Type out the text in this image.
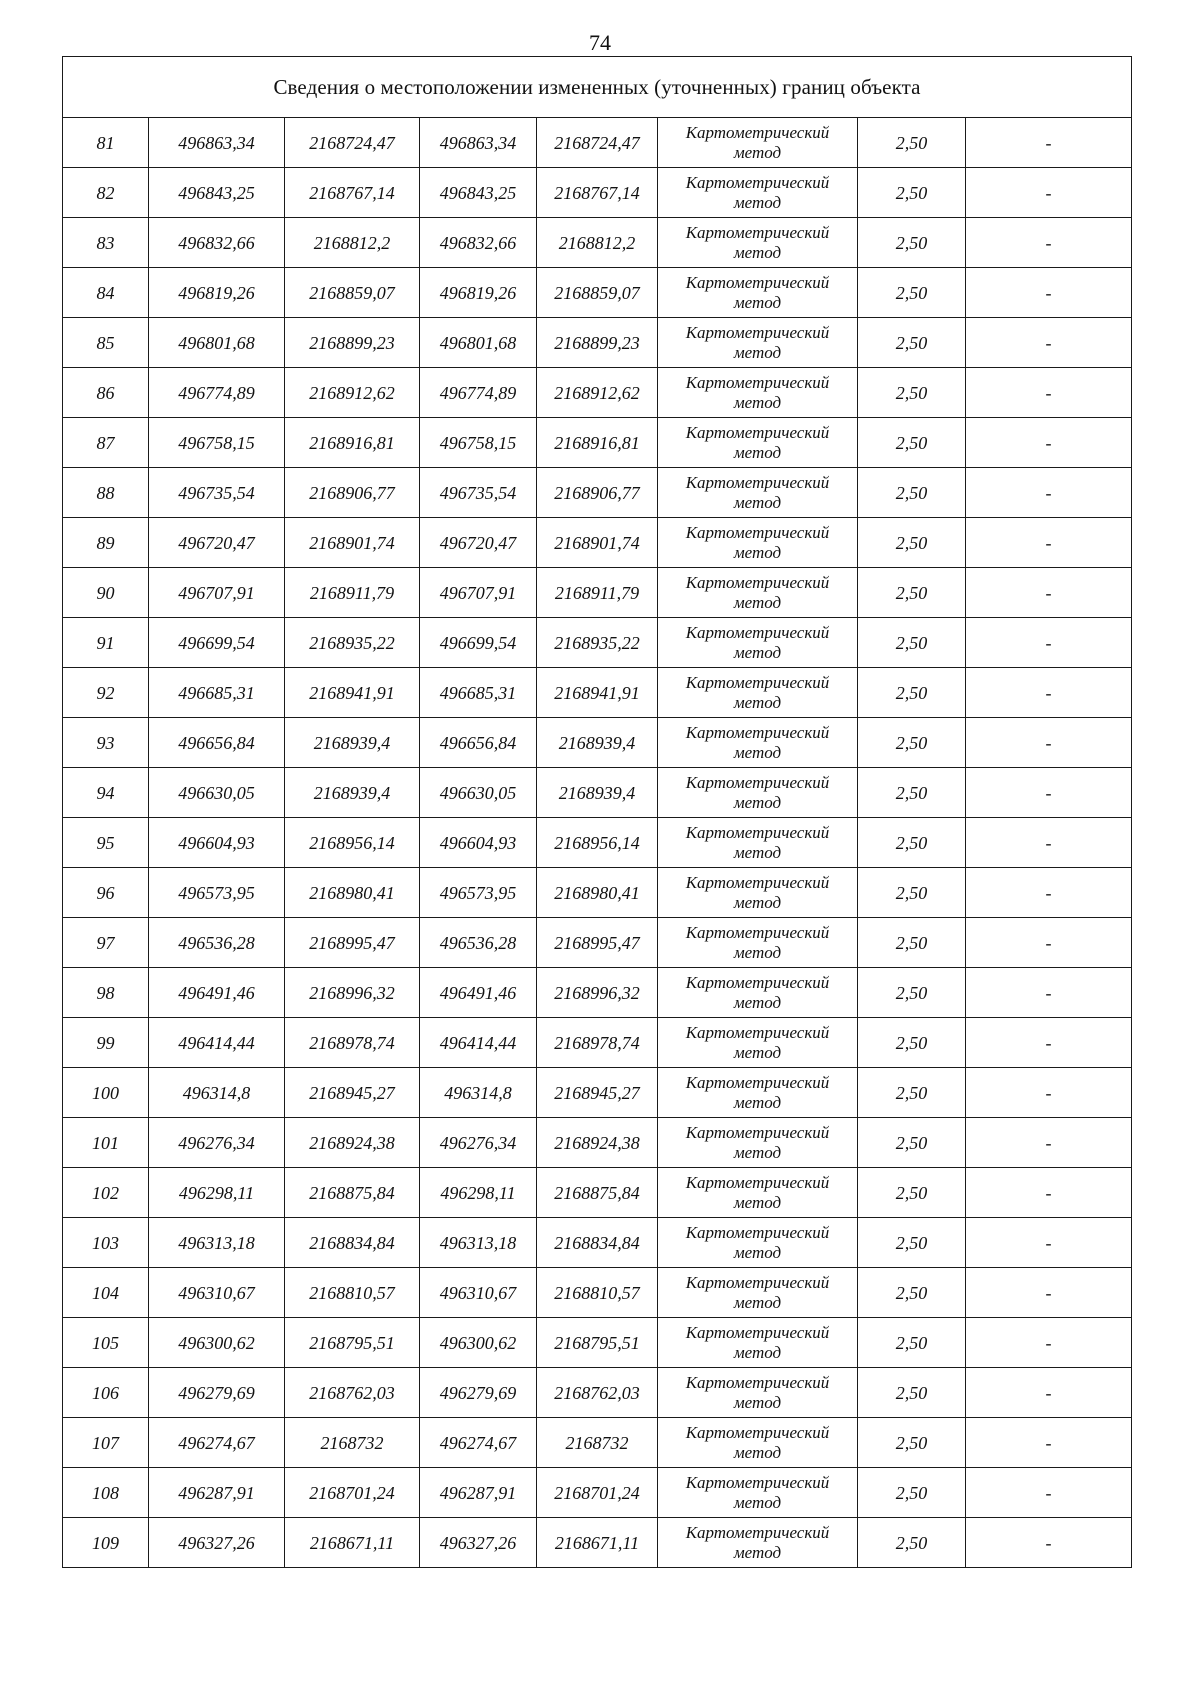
74
Сведения о местоположении измененных (уточненных) границ объекта							
81	496863,34	2168724,47	496863,34	2168724,47	Картометрический
метод	2,50	-
82	496843,25	2168767,14	496843,25	2168767,14	Картометрический
метод	2,50	-
83	496832,66	2168812,2	496832,66	2168812,2	Картометрический
метод	2,50	-
84	496819,26	2168859,07	496819,26	2168859,07	Картометрический
метод	2,50	-
85	496801,68	2168899,23	496801,68	2168899,23	Картометрический
метод	2,50	-
86	496774,89	2168912,62	496774,89	2168912,62	Картометрический
метод	2,50	-
87	496758,15	2168916,81	496758,15	2168916,81	Картометрический
метод	2,50	-
88	496735,54	2168906,77	496735,54	2168906,77	Картометрический
метод	2,50	-
89	496720,47	2168901,74	496720,47	2168901,74	Картометрический
метод	2,50	-
90	496707,91	2168911,79	496707,91	2168911,79	Картометрический
метод	2,50	-
91	496699,54	2168935,22	496699,54	2168935,22	Картометрический
метод	2,50	-
92	496685,31	2168941,91	496685,31	2168941,91	Картометрический
метод	2,50	-
93	496656,84	2168939,4	496656,84	2168939,4	Картометрический
метод	2,50	-
94	496630,05	2168939,4	496630,05	2168939,4	Картометрический
метод	2,50	-
95	496604,93	2168956,14	496604,93	2168956,14	Картометрический
метод	2,50	-
96	496573,95	2168980,41	496573,95	2168980,41	Картометрический
метод	2,50	-
97	496536,28	2168995,47	496536,28	2168995,47	Картометрический
метод	2,50	-
98	496491,46	2168996,32	496491,46	2168996,32	Картометрический
метод	2,50	-
99	496414,44	2168978,74	496414,44	2168978,74	Картометрический
метод	2,50	-
100	496314,8	2168945,27	496314,8	2168945,27	Картометрический
метод	2,50	-
101	496276,34	2168924,38	496276,34	2168924,38	Картометрический
метод	2,50	-
102	496298,11	2168875,84	496298,11	2168875,84	Картометрический
метод	2,50	-
103	496313,18	2168834,84	496313,18	2168834,84	Картометрический
метод	2,50	-
104	496310,67	2168810,57	496310,67	2168810,57	Картометрический
метод	2,50	-
105	496300,62	2168795,51	496300,62	2168795,51	Картометрический
метод	2,50	-
106	496279,69	2168762,03	496279,69	2168762,03	Картометрический
метод	2,50	-
107	496274,67	2168732	496274,67	2168732	Картометрический
метод	2,50	-
108	496287,91	2168701,24	496287,91	2168701,24	Картометрический
метод	2,50	-
109	496327,26	2168671,11	496327,26	2168671,11	Картометрический
метод	2,50	-
